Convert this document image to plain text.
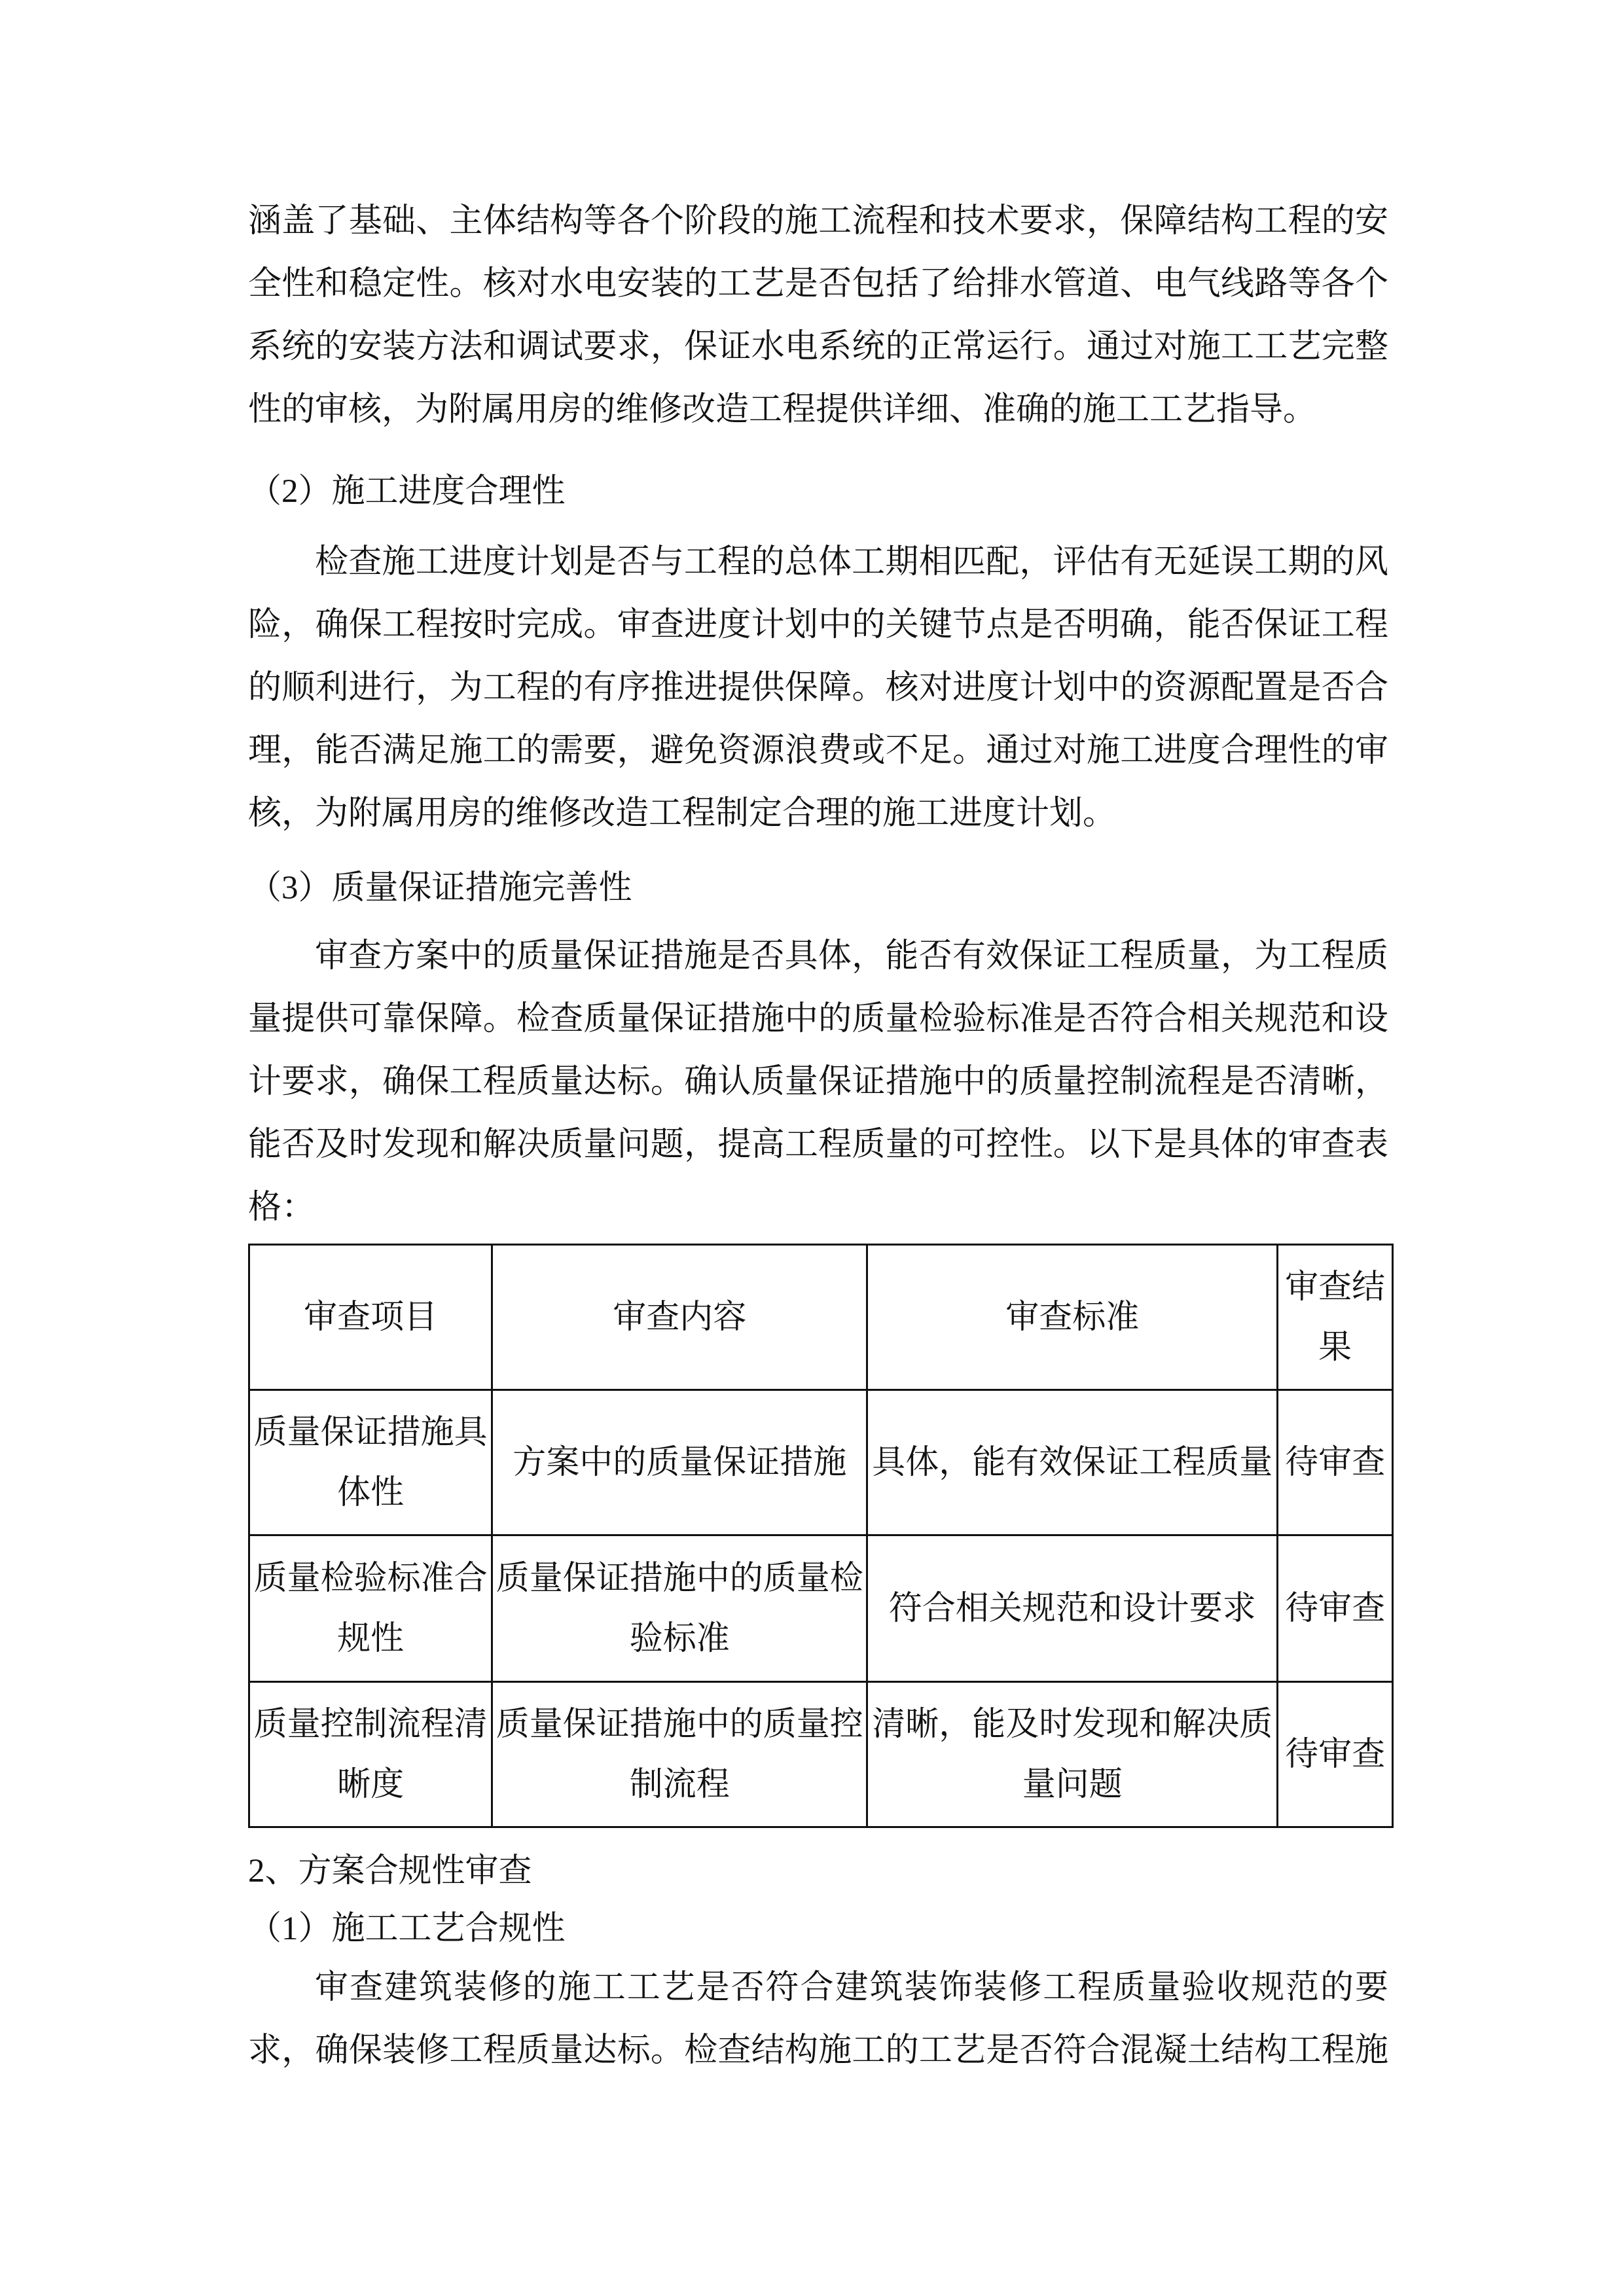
涵盖了基础、主体结构等各个阶段的施工流程和技术要求，保障结构工程的安
全性和稳定性。核对水电安装的工艺是否包括了给排水管道、电气线路等各个
系统的安装方法和调试要求，保证水电系统的正常运行。通过对施工工艺完整
性的审核，为附属用房的维修改造工程提供详细、准确的施工工艺指导。
（2）施工进度合理性
检查施工进度计划是否与工程的总体工期相匹配，评估有无延误工期的风
险，确保工程按时完成。审查进度计划中的关键节点是否明确，能否保证工程
的顺利进行，为工程的有序推进提供保障。核对进度计划中的资源配置是否合
理，能否满足施工的需要，避免资源浪费或不足。通过对施工进度合理性的审
核，为附属用房的维修改造工程制定合理的施工进度计划。
（3）质量保证措施完善性
审查方案中的质量保证措施是否具体，能否有效保证工程质量，为工程质
量提供可靠保障。检查质量保证措施中的质量检验标准是否符合相关规范和设
计要求，确保工程质量达标。确认质量保证措施中的质量控制流程是否清晰，
能否及时发现和解决质量问题，提高工程质量的可控性。以下是具体的审查表
格：
审查项目	审查内容	审查标准	审查结果
质量保证措施具体性	方案中的质量保证措施	具体，能有效保证工程质量	待审查
质量检验标准合规性	质量保证措施中的质量检验标准	符合相关规范和设计要求	待审查
质量控制流程清晰度	质量保证措施中的质量控制流程	清晰，能及时发现和解决质量问题	待审查
2、方案合规性审查
（1）施工工艺合规性
审查建筑装修的施工工艺是否符合建筑装饰装修工程质量验收规范的要
求，确保装修工程质量达标。检查结构施工的工艺是否符合混凝土结构工程施
